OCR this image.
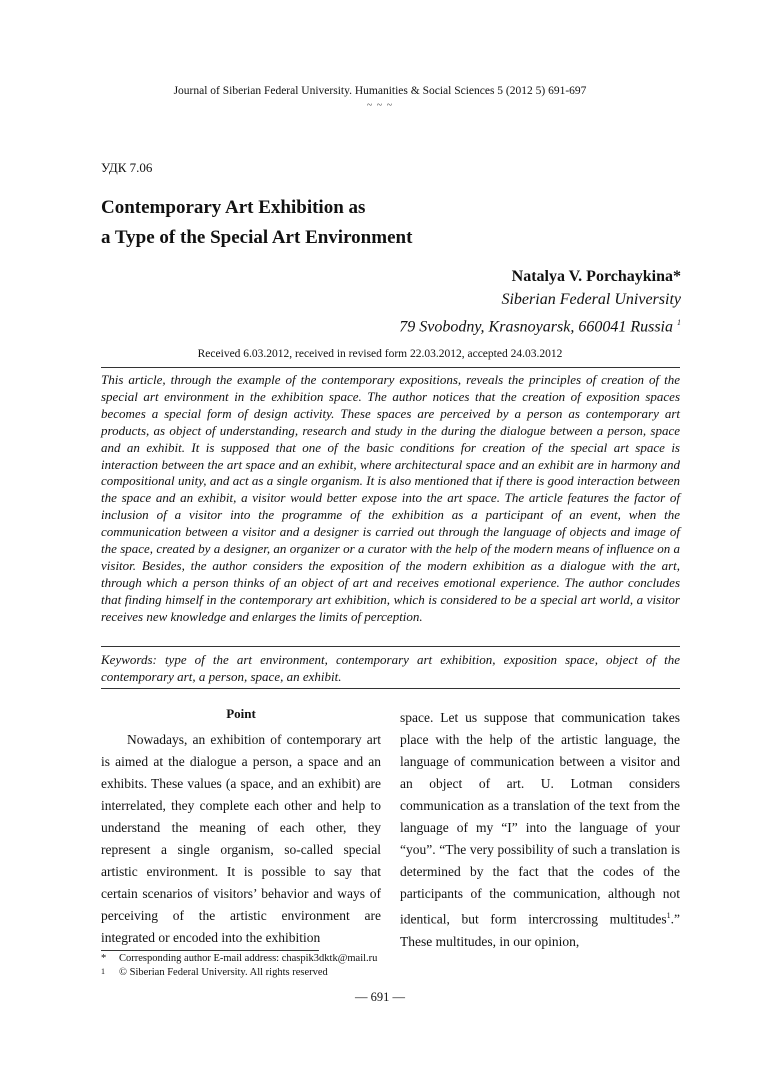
Journal of Siberian Federal University. Humanities & Social Sciences 5 (2012 5) 691-697
~ ~ ~
УДК 7.06
Contemporary Art Exhibition as
a Type of the Special Art Environment
Natalya V. Porchaykina*
Siberian Federal University
79 Svobodny, Krasnoyarsk, 660041 Russia $^1$
Received 6.03.2012, received in revised form 22.03.2012, accepted 24.03.2012

This article, through the example of the contemporary expositions, reveals the principles of creation of the special art environment in the exhibition space. The author notices that the creation of exposition spaces becomes a special form of design activity. These spaces are perceived by a person as contemporary art products, as object of understanding, research and study in the during the dialogue between a person, space and an exhibit. It is supposed that one of the basic conditions for creation of the special art space is interaction between the art space and an exhibit, where architectural space and an exhibit are in harmony and compositional unity, and act as a single organism. It is also mentioned that if there is good interaction between the space and an exhibit, a visitor would better expose into the art space. The article features the factor of inclusion of a visitor into the programme of the exhibition as a participant of an event, when the communication between a visitor and a designer is carried out through the language of objects and image of the space, created by a designer, an organizer or a curator with the help of the modern means of influence on a visitor. Besides, the author considers the exposition of the modern exhibition as a dialogue with the art, through which a person thinks of an object of art and receives emotional experience. The author concludes that finding himself in the contemporary art exhibition, which is considered to be a special art world, a visitor receives new knowledge and enlarges the limits of perception.

Keywords: type of the art environment, contemporary art exhibition, exposition space, object of the contemporary art, a person, space, an exhibit.

Point

Nowadays, an exhibition of contemporary art is aimed at the dialogue a person, a space and an exhibits. These values (a space, and an exhibit) are interrelated, they complete each other and help to understand the meaning of each other, they represent a single organism, so-called special artistic environment. It is possible to say that certain scenarios of visitors’ behavior and ways of perceiving of the artistic environment are integrated or encoded into the exhibition

space. Let us suppose that communication takes place with the help of the artistic language, the language of communication between a visitor and an object of art. U. Lotman considers communication as a translation of the text from the language of my “I” into the language of your “you”. “The very possibility of such a translation is determined by the fact that the codes of the participants of the communication, although not identical, but form intercrossing multitudes$^1$.” These multitudes, in our opinion,

* Corresponding author E-mail address: chaspik3dktk@mail.ru
1 © Siberian Federal University. All rights reserved
— 691 —
